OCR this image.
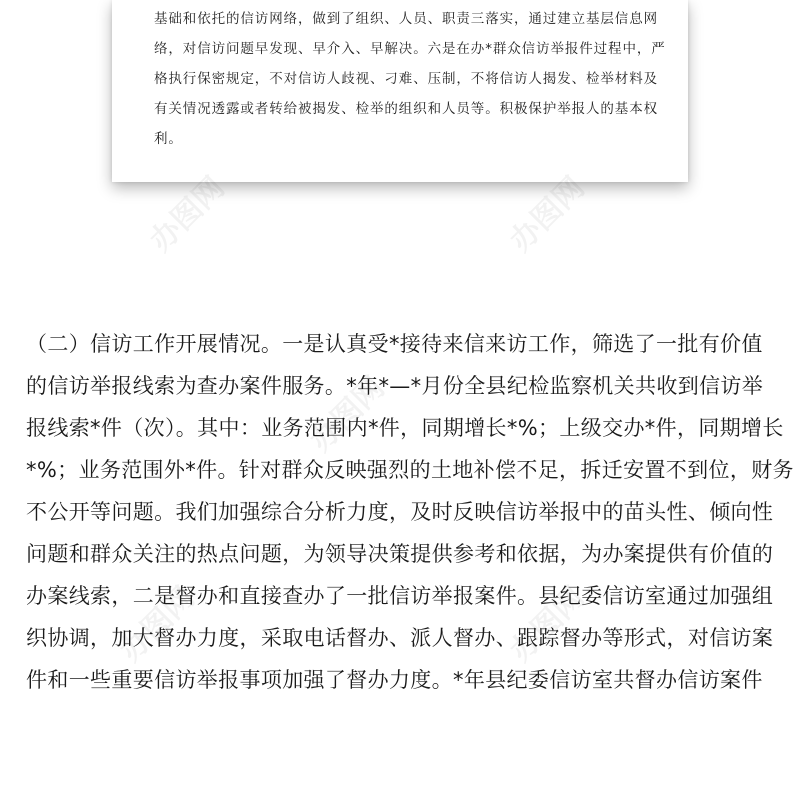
基础和依托的信访网络，做到了组织、人员、职责三落实，通过建立基层信息网
络，对信访问题早发现、早介入、早解决。六是在办*群众信访举报件过程中，严
格执行保密规定，不对信访人歧视、刁难、压制，不将信访人揭发、检举材料及
有关情况透露或者转给被揭发、检举的组织和人员等。积极保护举报人的基本权
利。
办图网	办图网
办图网
办图网	办图网
（二）信访工作开展情况。一是认真受*接待来信来访工作，筛选了一批有价值
的信访举报线索为查办案件服务。*年*—*月份全县纪检监察机关共收到信访举
报线索*件（次）。其中：业务范围内*件，同期增长*%；上级交办*件，同期增长
*%；业务范围外*件。针对群众反映强烈的土地补偿不足，拆迁安置不到位，财务
不公开等问题。我们加强综合分析力度，及时反映信访举报中的苗头性、倾向性
问题和群众关注的热点问题，为领导决策提供参考和依据，为办案提供有价值的
办案线索，二是督办和直接查办了一批信访举报案件。县纪委信访室通过加强组
织协调，加大督办力度，采取电话督办、派人督办、跟踪督办等形式，对信访案
件和一些重要信访举报事项加强了督办力度。*年县纪委信访室共督办信访案件
